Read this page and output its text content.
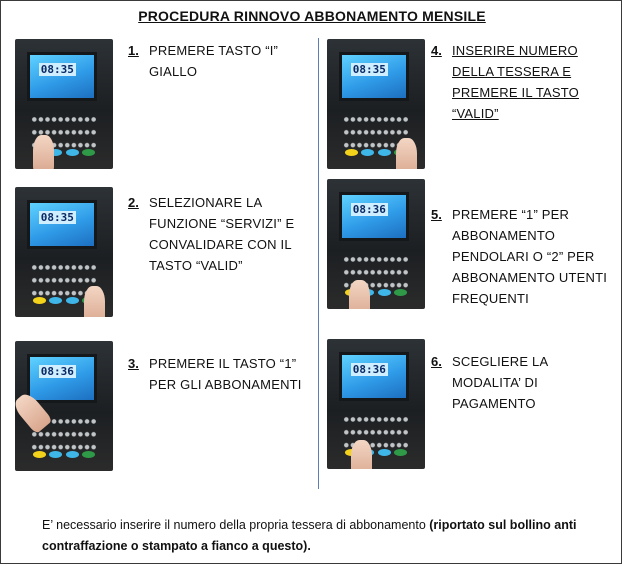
PROCEDURA RINNOVO ABBONAMENTO MENSILE
08:35
1. PREMERE TASTO “I”
GIALLO
08:35
2. SELEZIONARE LA
FUNZIONE “SERVIZI” E
CONVALIDARE CON IL
TASTO “VALID”
08:36
3. PREMERE IL TASTO “1”
PER GLI ABBONAMENTI
08:35
4. INSERIRE NUMERO
DELLA TESSERA E
PREMERE IL TASTO
“VALID”
08:36	5. PREMERE “1” PER
ABBONAMENTO
PENDOLARI O “2” PER
ABBONAMENTO UTENTI
FREQUENTI
08:36
6. SCEGLIERE LA
MODALITA’ DI
PAGAMENTO
E’ necessario inserire il numero della propria tessera di abbonamento (riportato sul bollino anti contraffazione o stampato a fianco a questo).
